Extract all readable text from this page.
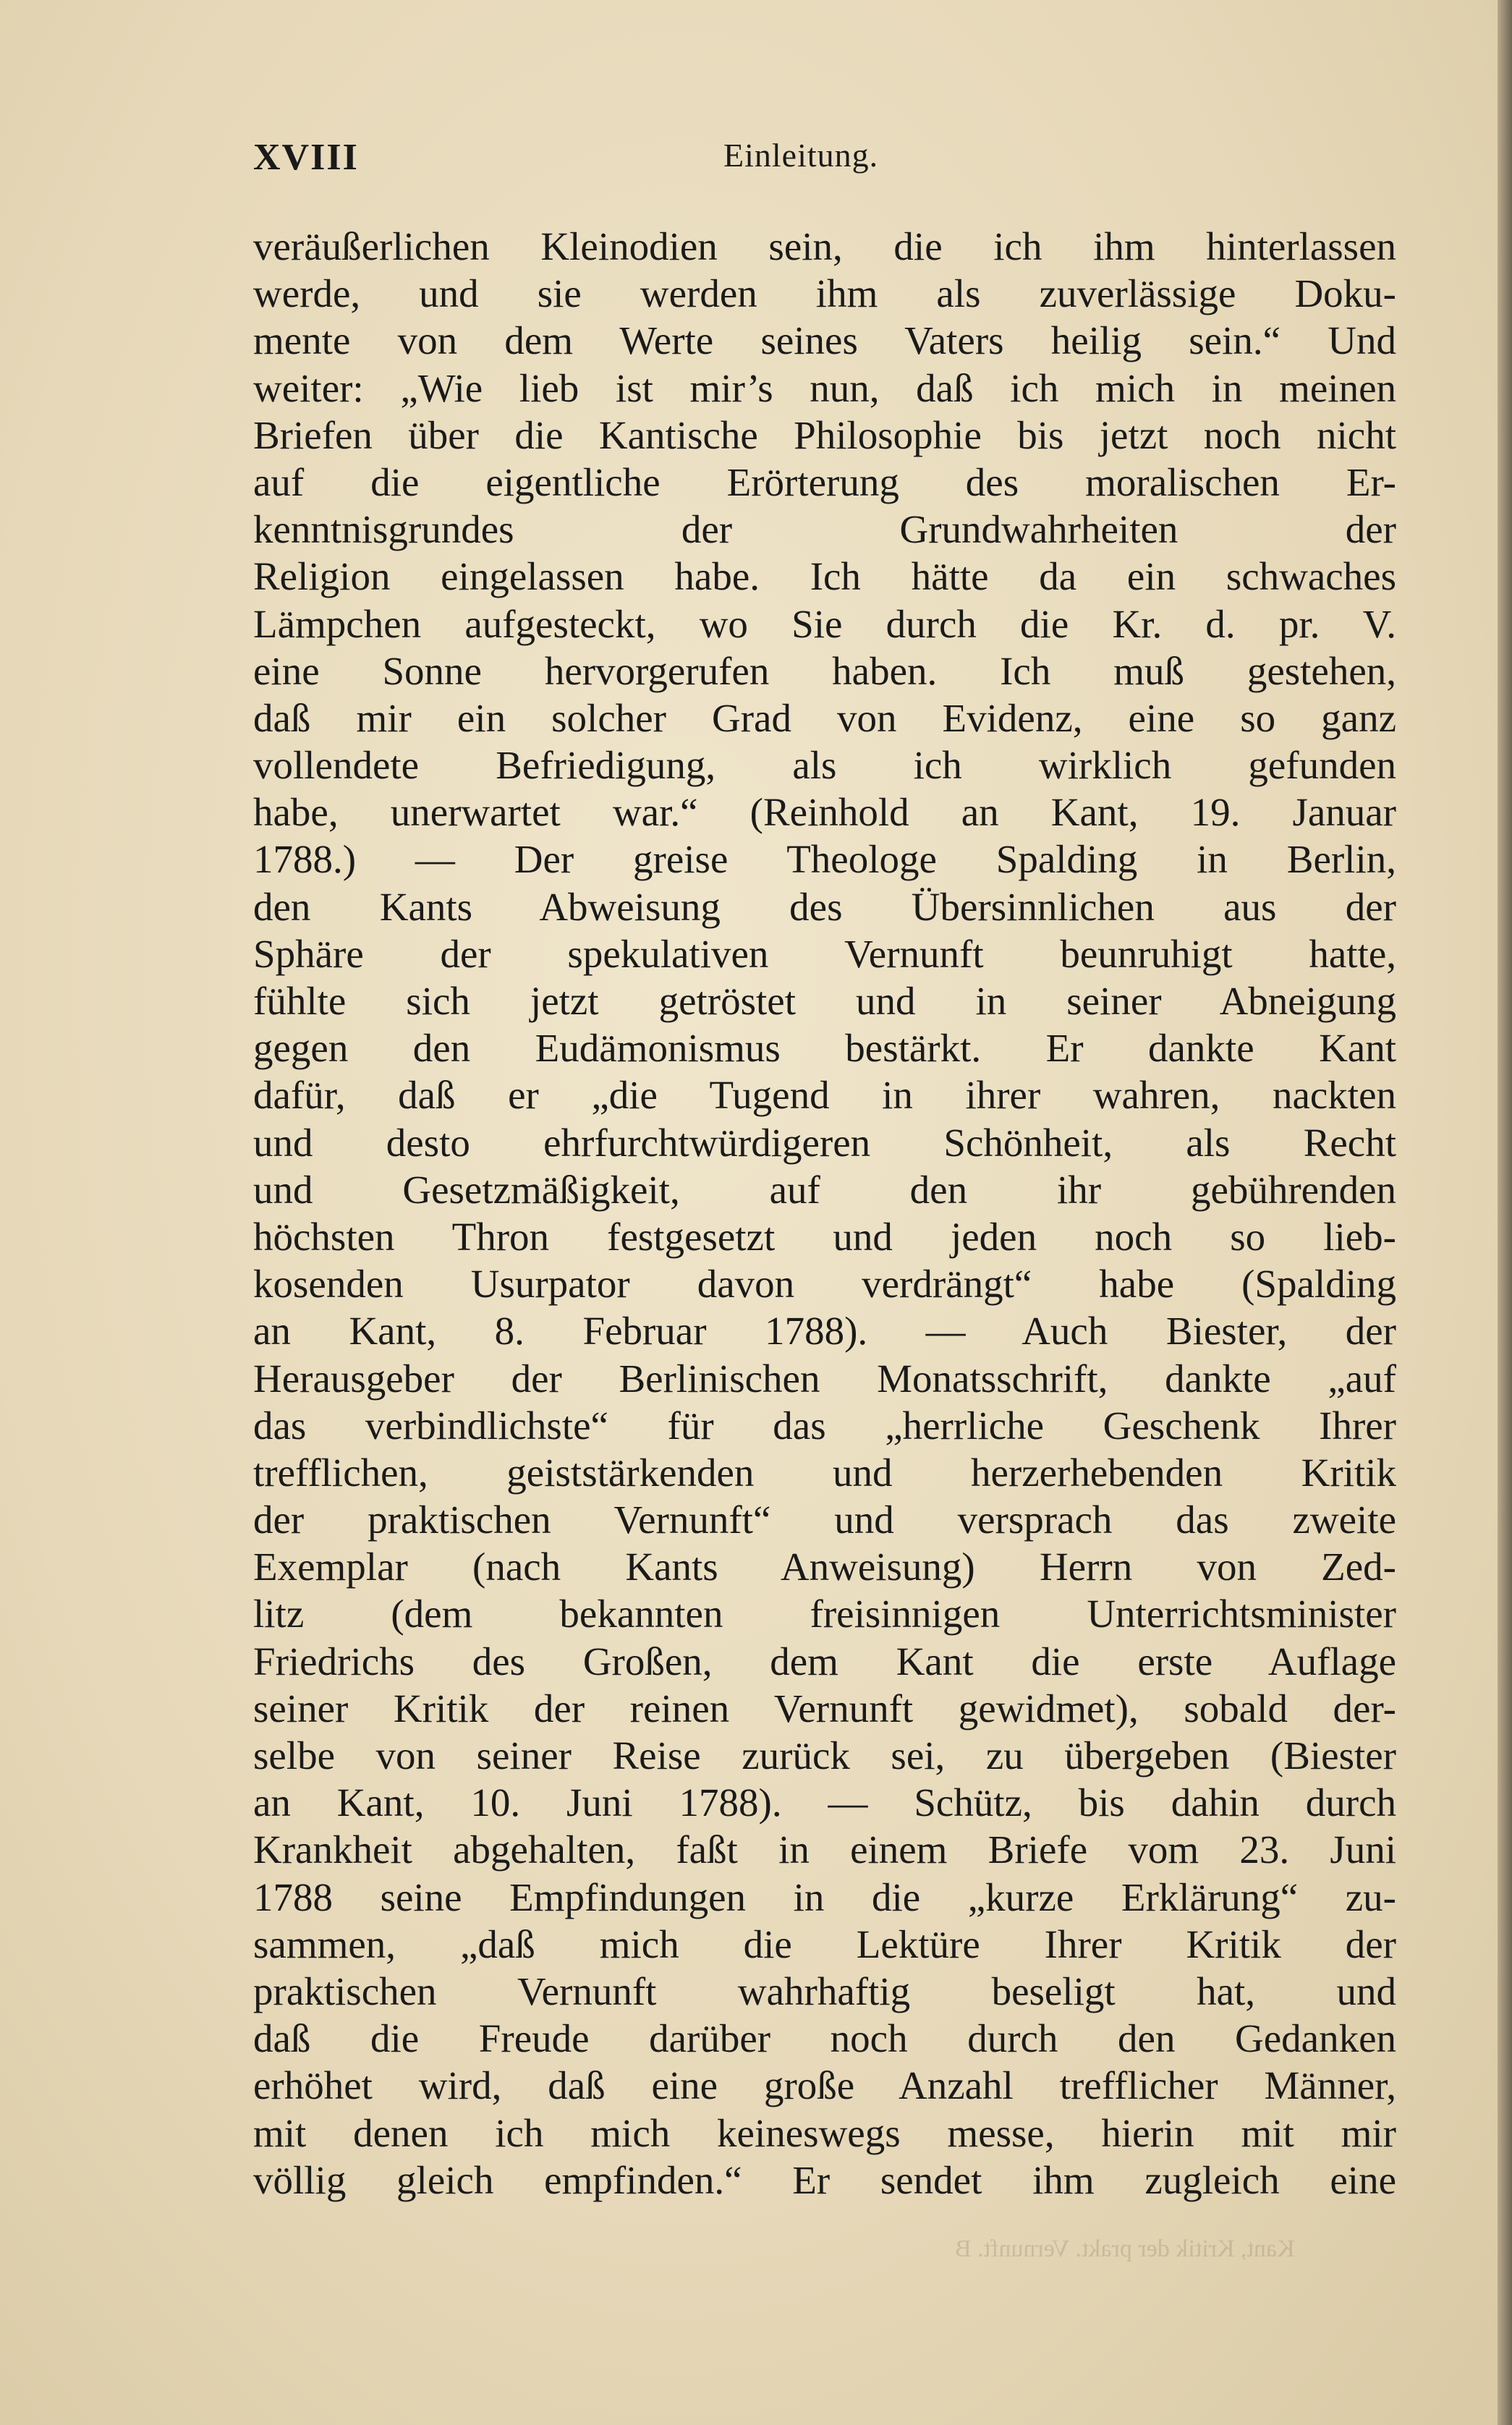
XVIII	Einleitung.
veräußerlichen Kleinodien sein, die ich ihm hinterlassen
werde, und sie werden ihm als zuverlässige Doku-
mente von dem Werte seines Vaters heilig sein.“ Und
weiter: „Wie lieb ist mir’s nun, daß ich mich in meinen
Briefen über die Kantische Philosophie bis jetzt noch nicht
auf die eigentliche Erörterung des moralischen Er-
kenntnisgrundes der Grundwahrheiten der
Religion eingelassen habe. Ich hätte da ein schwaches
Lämpchen aufgesteckt, wo Sie durch die Kr. d. pr. V.
eine Sonne hervorgerufen haben. Ich muß gestehen,
daß mir ein solcher Grad von Evidenz, eine so ganz
vollendete Befriedigung, als ich wirklich gefunden
habe, unerwartet war.“ (Reinhold an Kant, 19. Januar
1788.) — Der greise Theologe Spalding in Berlin,
den Kants Abweisung des Übersinnlichen aus der
Sphäre der spekulativen Vernunft beunruhigt hatte,
fühlte sich jetzt getröstet und in seiner Abneigung
gegen den Eudämonismus bestärkt. Er dankte Kant
dafür, daß er „die Tugend in ihrer wahren, nackten
und desto ehrfurchtwürdigeren Schönheit, als Recht
und Gesetzmäßigkeit, auf den ihr gebührenden
höchsten Thron festgesetzt und jeden noch so lieb-
kosenden Usurpator davon verdrängt“ habe (Spalding
an Kant, 8. Februar 1788). — Auch Biester, der
Herausgeber der Berlinischen Monatsschrift, dankte „auf
das verbindlichste“ für das „herrliche Geschenk Ihrer
trefflichen, geiststärkenden und herzerhebenden Kritik
der praktischen Vernunft“ und versprach das zweite
Exemplar (nach Kants Anweisung) Herrn von Zed-
litz (dem bekannten freisinnigen Unterrichtsminister
Friedrichs des Großen, dem Kant die erste Auflage
seiner Kritik der reinen Vernunft gewidmet), sobald der-
selbe von seiner Reise zurück sei, zu übergeben (Biester
an Kant, 10. Juni 1788). — Schütz, bis dahin durch
Krankheit abgehalten, faßt in einem Briefe vom 23. Juni
1788 seine Empfindungen in die „kurze Erklärung“ zu-
sammen, „daß mich die Lektüre Ihrer Kritik der
praktischen Vernunft wahrhaftig beseligt hat, und
daß die Freude darüber noch durch den Gedanken
erhöhet wird, daß eine große Anzahl trefflicher Männer,
mit denen ich mich keineswegs messe, hierin mit mir
völlig gleich empfinden.“ Er sendet ihm zugleich eine
Kant, Kritik der prakt. Vernunft. B
